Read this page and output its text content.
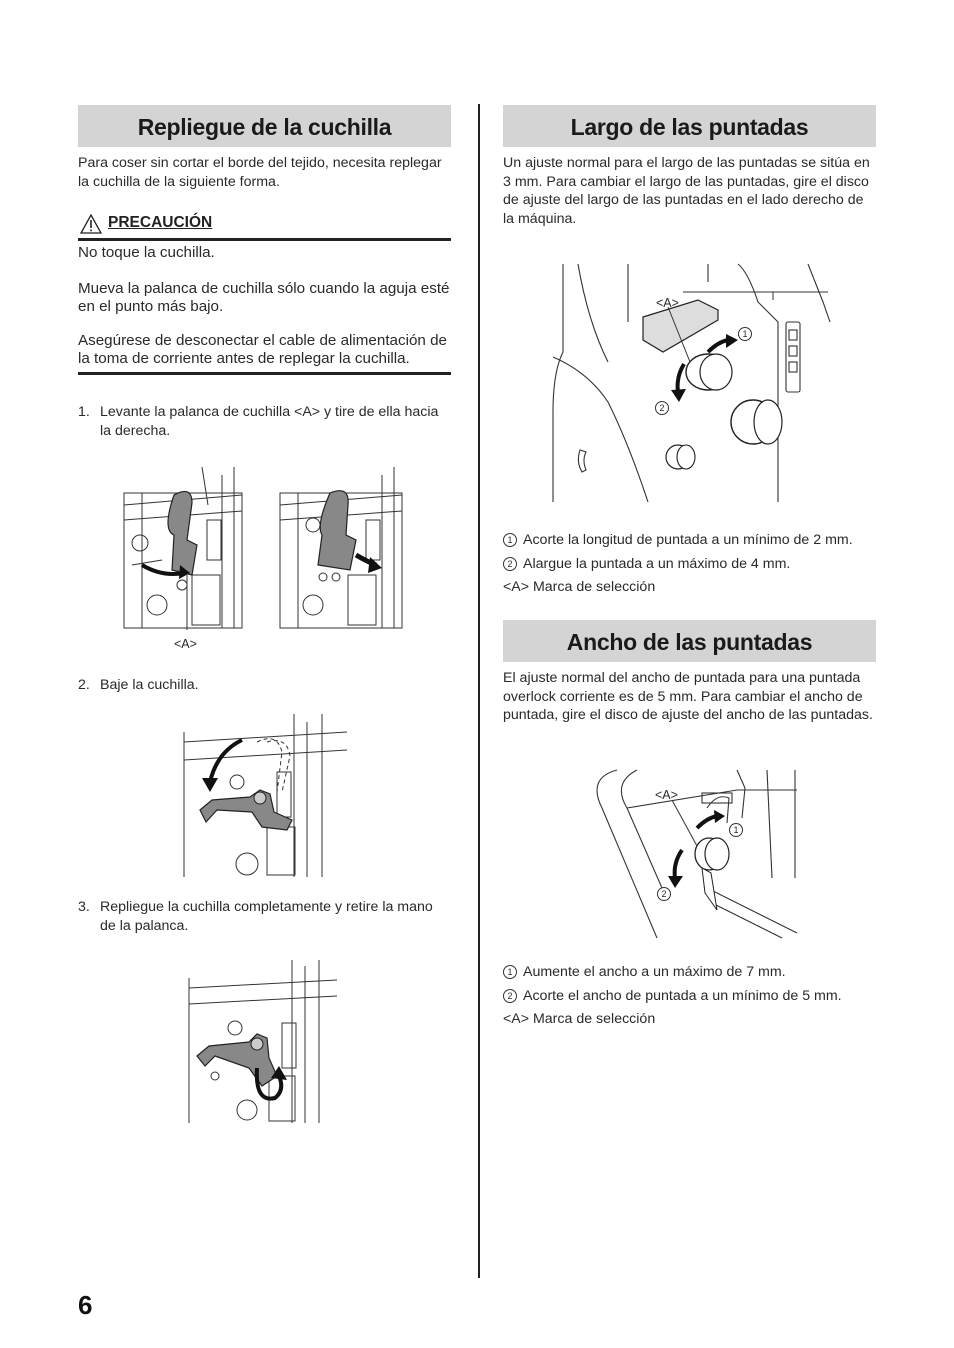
Repliegue de la cuchilla
Para coser sin cortar el borde del tejido, necesita replegar la cuchilla de la siguiente forma.
PRECAUCIÓN
No toque la cuchilla.
Mueva la palanca de cuchilla sólo cuando la aguja esté en el punto más bajo.
Asegúrese de desconectar el cable de alimentación de la toma de corriente antes de replegar la cuchilla.
1. Levante la palanca de cuchilla <A> y tire de ella hacia la derecha.
<A>
2. Baje la cuchilla.
3. Repliegue la cuchilla completamente y retire la mano de la palanca.
6
Largo de las puntadas
Un ajuste normal para el largo de las puntadas se sitúa en 3 mm. Para cambiar el largo de las puntadas, gire el disco de ajuste del largo de las puntadas en el lado derecho de la máquina.
<A>
1
2
1 Acorte la longitud de puntada a un mínimo de 2 mm.
2 Alargue la puntada a un máximo de 4 mm.
<A> Marca de selección
Ancho de las puntadas
El ajuste normal del ancho de puntada para una puntada overlock corriente es de 5 mm. Para cambiar el ancho de puntada, gire el disco de ajuste del ancho de las puntadas.
<A>
1
2
1 Aumente el ancho a un máximo de 7 mm.
2 Acorte el ancho de puntada a un mínimo de 5 mm.
<A> Marca de selección
